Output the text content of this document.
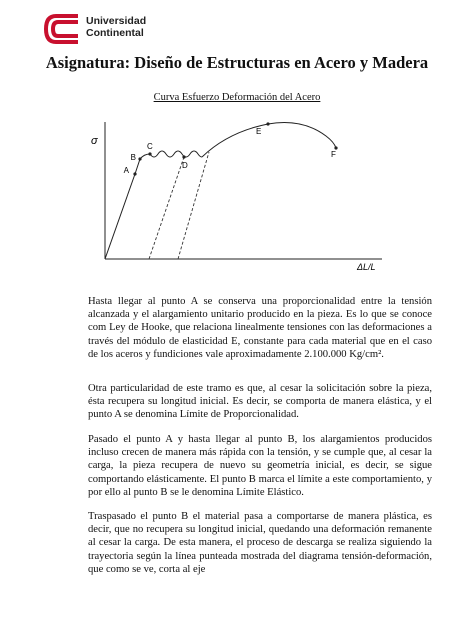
Universidad
Continental
Asignatura: Diseño de Estructuras en Acero y Madera
Curva Esfuerzo Deformación del Acero
σ
ΔL/L
A
B
C
D
E
F

Hasta llegar al punto A se conserva una proporcionalidad entre la tensión alcanzada y el alargamiento unitario producido en la pieza. Es lo que se conoce com Ley de Hooke, que relaciona linealmente tensiones con las deformaciones a través del módulo de elasticidad E, constante para cada material que en el caso de los aceros y fundiciones vale aproximadamente 2.100.000 Kg/cm².

Otra particularidad de este tramo es que, al cesar la solicitación sobre la pieza, ésta recupera su longitud inicial. Es decir, se comporta de manera elástica, y el punto A se denomina Límite de Proporcionalidad.

Pasado el punto A y hasta llegar al punto B, los alargamientos producidos incluso crecen de manera más rápida con la tensión, y se cumple que, al cesar la carga, la pieza recupera de nuevo su geometría inicial, es decir, se sigue comportando elásticamente. El punto B marca el límite a este comportamiento, y por ello al punto B se le denomina Límite Elástico.

Traspasado el punto B el material pasa a comportarse de manera plástica, es decir, que no recupera su longitud inicial, quedando una deformación remanente al cesar la carga. De esta manera, el proceso de descarga se realiza siguiendo la trayectoria según la línea punteada mostrada del diagrama tensión-deformación, que como se ve, corta al eje
